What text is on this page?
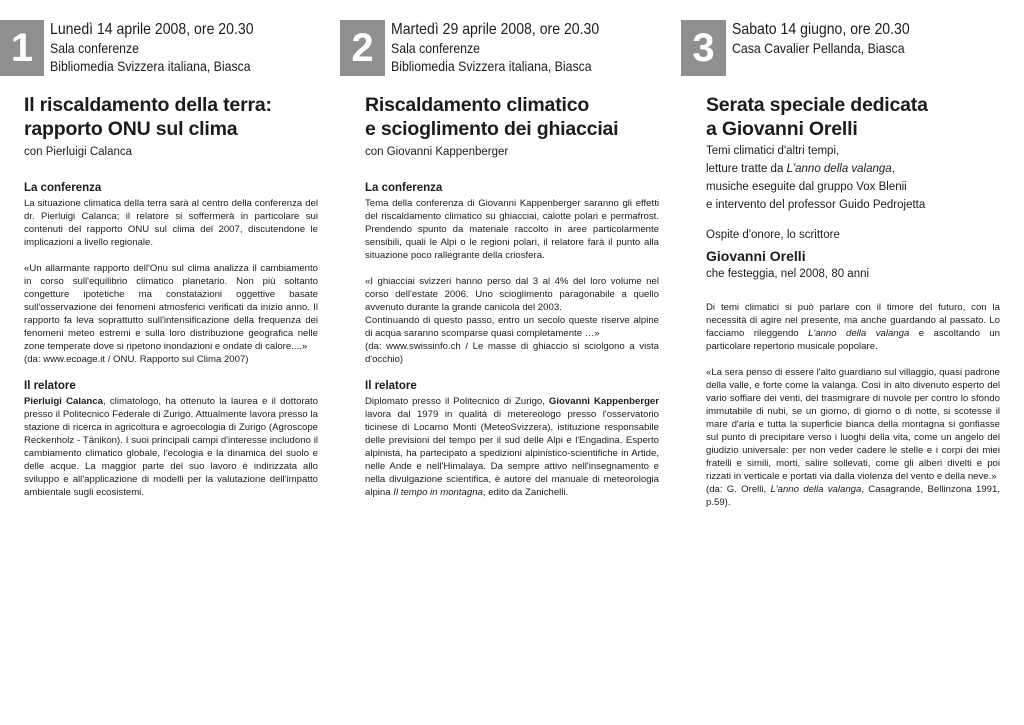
1	Lunedì 14 aprile 2008, ore 20.30
Sala conferenze
Bibliomedia Svizzera italiana, Biasca
Il riscaldamento della terra:
rapporto ONU sul clima
con Pierluigi Calanca
La conferenza

La situazione climatica della terra sarà al centro della conferenza del dr. Pierluigi Calanca; il relatore si soffermerà in particolare sui contenuti del rapporto ONU sul clima del 2007, discutendone le implicazioni a livello regionale.

«Un allarmante rapporto dell'Onu sul clima analizza il cambiamento in corso sull'equilibrio climatico planetario. Non più soltanto congetture ipotetiche ma constatazioni oggettive basate sull'osservazione dei fenomeni atmosferici verificati da inizio anno. Il rapporto fa leva soprattutto sull'intensificazione della frequenza dei fenomeni meteo estremi e sulla loro distribuzione geografica nelle zone temperate dove si ripetono inondazioni e ondate di calore....»

(da: www.ecoage.it / ONU. Rapporto sul Clima 2007)

Il relatore

Pierluigi Calanca, climatologo, ha ottenuto la laurea e il dottorato presso il Politecnico Federale di Zurigo. Attualmente lavora presso la stazione di ricerca in agricoltura e agroecologia di Zurigo (Agroscope Reckenholz - Tänikon). I suoi principali campi d'interesse includono il cambiamento climatico globale, l'ecologia e la dinamica del suolo e delle acque. La maggior parte del suo lavoro è indirizzata allo sviluppo e all'applicazione di modelli per la valutazione dell'impatto ambientale sugli ecosistemi.

2	Martedì 29 aprile 2008, ore 20.30
Sala conferenze
Bibliomedia Svizzera italiana, Biasca
Riscaldamento climatico
e scioglimento dei ghiacciai
con Giovanni Kappenberger
La conferenza

Tema della conferenza di Giovanni Kappenberger saranno gli effetti del riscaldamento climatico su ghiacciai, calotte polari e permafrost. Prendendo spunto da materiale raccolto in aree particolarmente sensibili, quali le Alpi o le regioni polari, il relatore farà il punto alla situazione poco rallegrante della criosfera.

«I ghiacciai svizzeri hanno perso dal 3 al 4% del loro volume nel corso dell'estate 2006. Uno scioglimento paragonabile a quello avvenuto durante la grande canicola del 2003.

Continuando di questo passo, entro un secolo queste riserve alpine di acqua saranno scomparse quasi completamente …»

(da: www.swissinfo.ch / Le masse di ghiaccio si sciolgono a vista d'occhio)

Il relatore

Diplomato presso il Politecnico di Zurigo, Giovanni Kappenberger lavora dal 1979 in qualità di metereologo presso l'osservatorio ticinese di Locarno Monti (MeteoSvizzera), istituzione responsabile delle previsioni del tempo per il sud delle Alpi e l'Engadina. Esperto alpinista, ha partecipato a spedizioni alpinistico-scientifiche in Artide, nelle Ande e nell'Himalaya. Da sempre attivo nell'insegnamento e nella divulgazione scientifica, è autore del manuale di meteorologia alpina Il tempo in montagna, edito da Zanichelli.

3	Sabato 14 giugno, ore 20.30
Casa Cavalier Pellanda, Biasca
Serata speciale dedicata
a Giovanni Orelli

Temi climatici d'altri tempi,

letture tratte da L'anno della valanga,

musiche eseguite dal gruppo Vox Blenii

e intervento del professor Guido Pedrojetta

Ospite d'onore, lo scrittore
Giovanni Orelli
che festeggia, nel 2008, 80 anni

Di temi climatici si può parlare con il timore del futuro, con la necessità di agire nel presente, ma anche guardando al passato. Lo facciamo rileggendo L'anno della valanga e ascoltando un particolare repertorio musicale popolare.

«La sera penso di essere l'alto guardiano sul villaggio, quasi padrone della valle, e forte come la valanga. Così in alto divenuto esperto del vario soffiare dei venti, del trasmigrare di nuvole per contro lo sfondo immutabile di nubi, se un giorno, di giorno o di notte, si scotesse il mare d'aria e tutta la superficie bianca della montagna si gonfiasse sul punto di precipitare verso i luoghi della vita, come un angelo del giudizio universale: per non veder cadere le stelle e i corpi dei miei fratelli e simili, morti, salire sollevati, come gli alberi divelti e poi rizzati in verticale e portati via dalla violenza del vento e della neve.»

(da: G. Orelli, L'anno della valanga, Casagrande, Bellinzona 1991, p.59).
